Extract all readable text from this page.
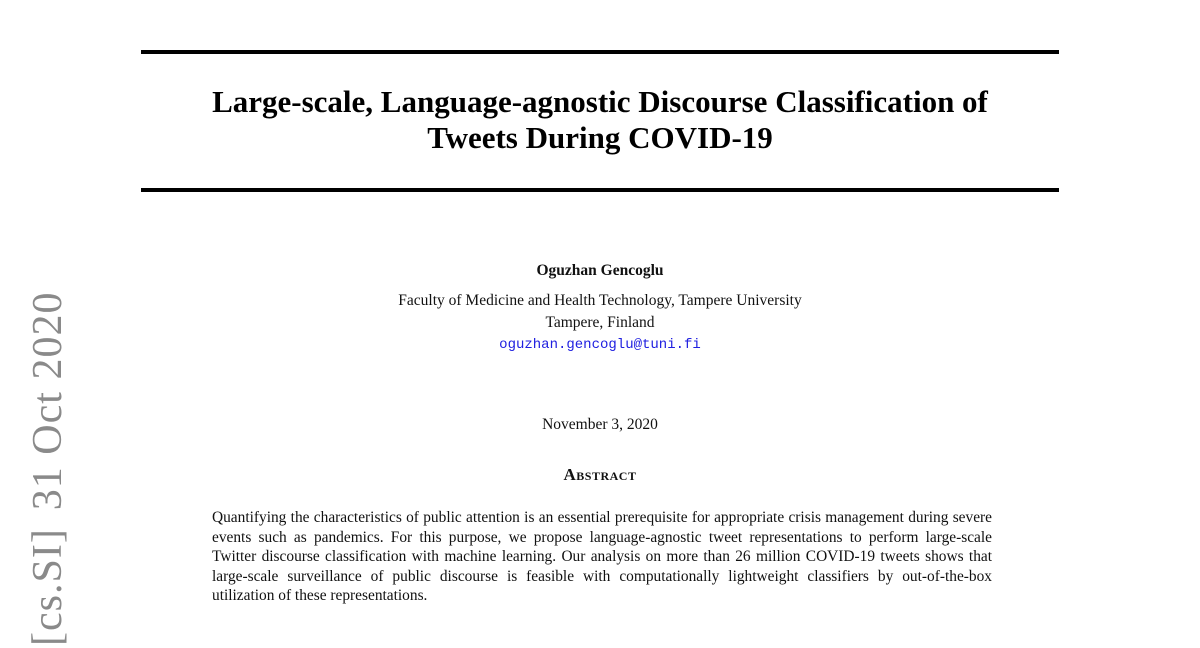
Large-scale, Language-agnostic Discourse Classification of
Tweets During COVID-19

Oguzhan Gencoglu

Faculty of Medicine and Health Technology, Tampere University

Tampere, Finland

oguzhan.gencoglu@tuni.fi
November 3, 2020
Abstract

Quantifying the characteristics of public attention is an essential prerequisite for appropriate crisis management during severe events such as pandemics. For this purpose, we propose language-agnostic tweet representations to perform large-scale Twitter discourse classification with machine learning. Our analysis on more than 26 million COVID-19 tweets shows that large-scale surveillance of public discourse is feasible with computationally lightweight classifiers by out-of-the-box utilization of these representations.

[cs.SI]31 Oct 2020
